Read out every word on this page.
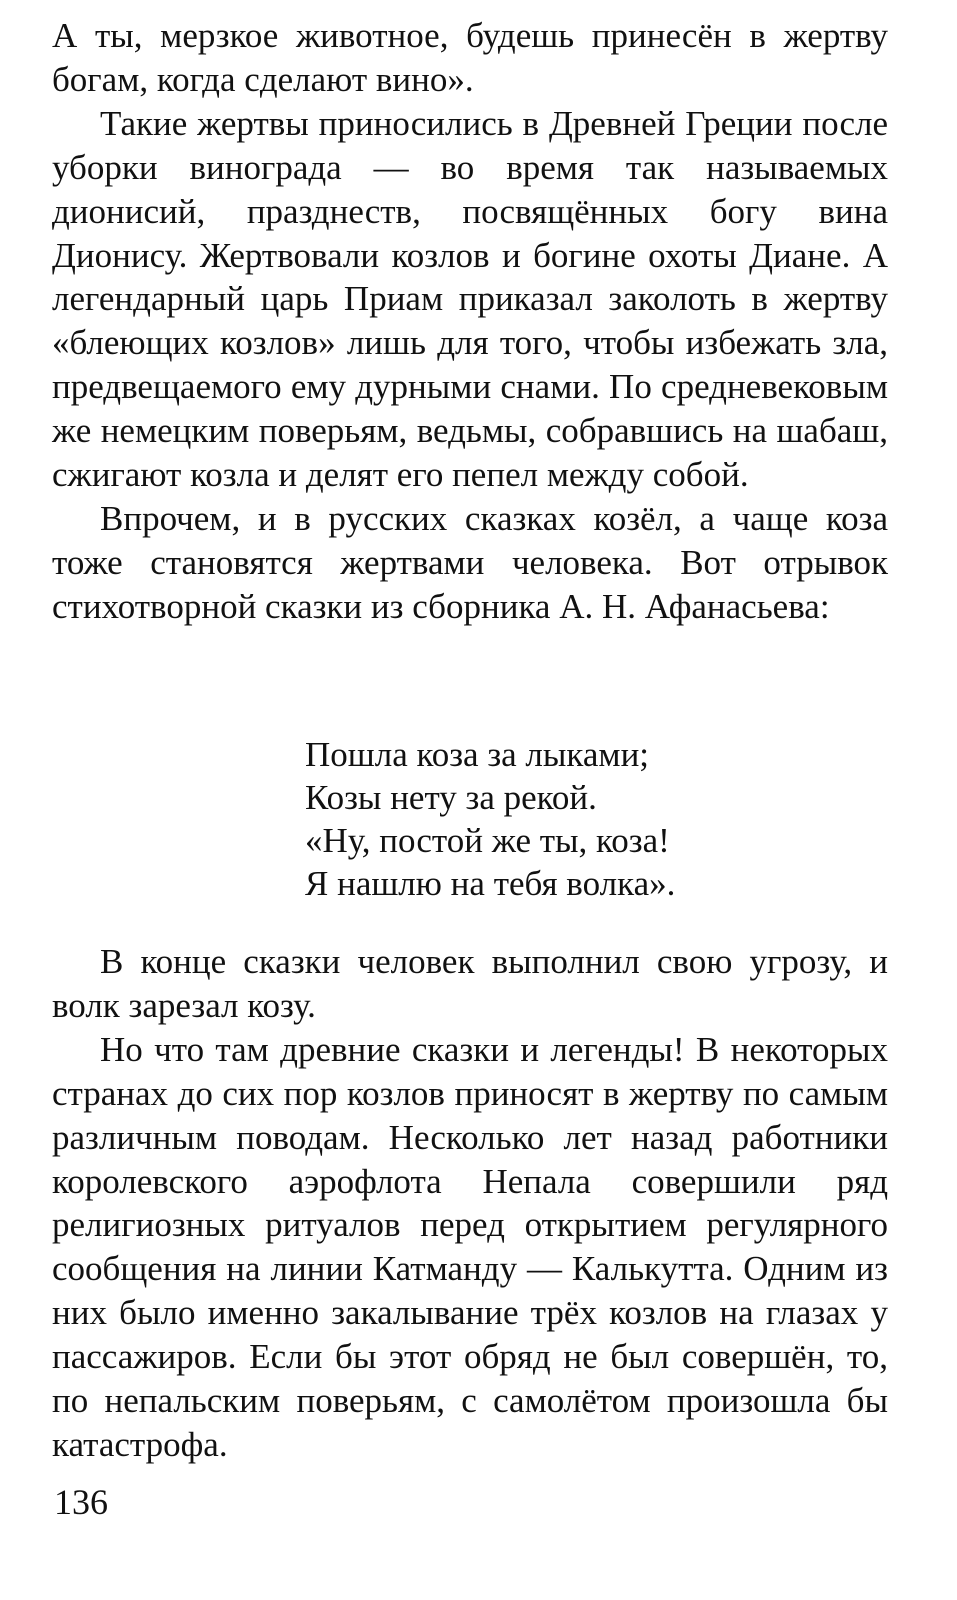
А ты, мерзкое животное, будешь принесён в жертву богам, когда сделают вино».

Такие жертвы приносились в Древней Греции после уборки винограда — во время так называемых дионисий, празднеств, посвящённых богу вина Дионису. Жертвовали козлов и богине охоты Диане. А легендарный царь Приам приказал заколоть в жертву «блеющих козлов» лишь для того, чтобы избежать зла, предвещаемого ему дурными снами. По средневековым же немецким поверьям, ведьмы, собравшись на шабаш, сжигают козла и делят его пепел между собой.

Впрочем, и в русских сказках козёл, а чаще коза тоже становятся жертвами человека. Вот отрывок стихотворной сказки из сборника А. Н. Афанасьева:

Пошла коза за лыками;
Козы нету за рекой.
«Ну, постой же ты, коза!
Я нашлю на тебя волка».

В конце сказки человек выполнил свою угрозу, и волк зарезал козу.

Но что там древние сказки и легенды! В некоторых странах до сих пор козлов приносят в жертву по самым различным поводам. Несколько лет назад работники королевского аэрофлота Непала совершили ряд религиозных ритуалов перед открытием регулярного сообщения на линии Катманду — Калькутта. Одним из них было именно закалывание трёх козлов на глазах у пассажиров. Если бы этот обряд не был совершён, то, по непальским поверьям, с самолётом произошла бы катастрофа.

136
